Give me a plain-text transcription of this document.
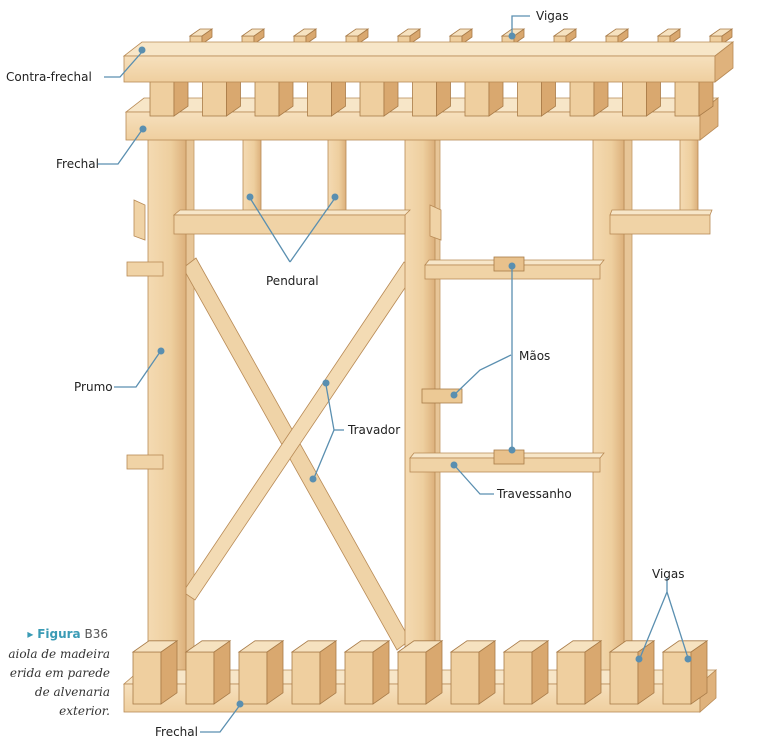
Vigas
Contra-frechal
Frechal
Pendural
Prumo
Travador
Mãos
Travessanho
Vigas
Frechal
▸ Figura B36
aiola de madeira
erida em parede
de alvenaria
exterior.
